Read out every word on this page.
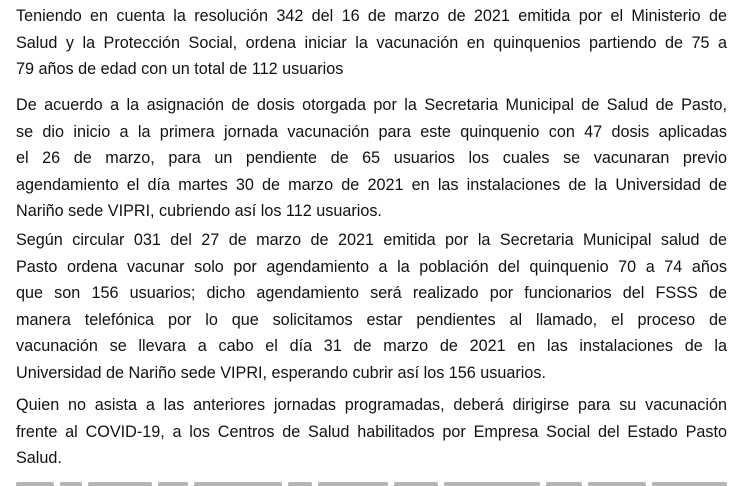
Teniendo en cuenta la resolución 342 del 16 de marzo de 2021 emitida por el Ministerio de
Salud y la Protección Social, ordena iniciar la vacunación en quinquenios partiendo de 75 a
79 años de edad con un total de 112 usuarios

De acuerdo a la asignación de dosis otorgada por la Secretaria Municipal de Salud de Pasto,
se dio inicio a la primera jornada vacunación para este quinquenio con 47 dosis aplicadas
el 26 de marzo, para un pendiente de 65 usuarios los cuales se vacunaran previo
agendamiento el día martes 30 de marzo de 2021 en las instalaciones de la Universidad de
Nariño sede VIPRI, cubriendo así los 112 usuarios.

Según circular 031 del 27 de marzo de 2021 emitida por la Secretaria Municipal salud de
Pasto ordena vacunar solo por agendamiento a la población del quinquenio 70 a 74 años
que son 156 usuarios; dicho agendamiento será realizado por funcionarios del FSSS de
manera telefónica por lo que solicitamos estar pendientes al llamado, el proceso de
vacunación se llevara a cabo el día 31 de marzo de 2021 en las instalaciones de la
Universidad de Nariño sede VIPRI, esperando cubrir así los 156 usuarios.

Quien no asista a las anteriores jornadas programadas, deberá dirigirse para su vacunación
frente al COVID-19, a los Centros de Salud habilitados por Empresa Social del Estado Pasto
Salud.
